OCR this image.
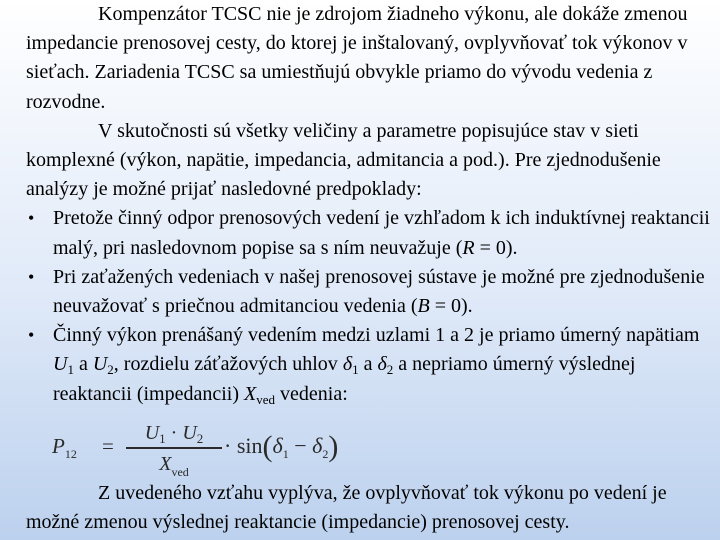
Kompenzátor TCSC nie je zdrojom žiadneho výkonu, ale dokáže zmenou impedancie prenosovej cesty, do ktorej je inštalovaný, ovplyvňovať tok výkonov v sieťach. Zariadenia TCSC sa umiestňujú obvykle priamo do vývodu vedenia z rozvodne.

V skutočnosti sú všetky veličiny a parametre popisujúce stav v sieti komplexné (výkon, napätie, impedancia, admitancia a pod.). Pre zjednodušenie analýzy je možné prijať nasledovné predpoklady:

• Pretože činný odpor prenosových vedení je vzhľadom k ich induktívnej reaktancii malý, pri nasledovnom popise sa s ním neuvažuje (R = 0).
• Pri zaťažených vedeniach v našej prenosovej sústave je možné pre zjednodušenie neuvažovať s priečnou admitanciou vedenia (B = 0).
• Činný výkon prenášaný vedením medzi uzlami 1 a 2 je priamo úmerný napätiam $U_1$ a $U_2$, rozdielu záťažových uhlov $\delta_1$ a $\delta_2$ a nepriamo úmerný výslednej reaktancii (impedancii) $X_{ved}$ vedenia:
$P_{12}$ =
$U_1 \cdot U_2$
$X_{ved}$
· $\sin(\delta_1 - \delta_2)$

Z uvedeného vzťahu vyplýva, že ovplyvňovať tok výkonu po vedení je možné zmenou výslednej reaktancie (impedancie) prenosovej cesty.
